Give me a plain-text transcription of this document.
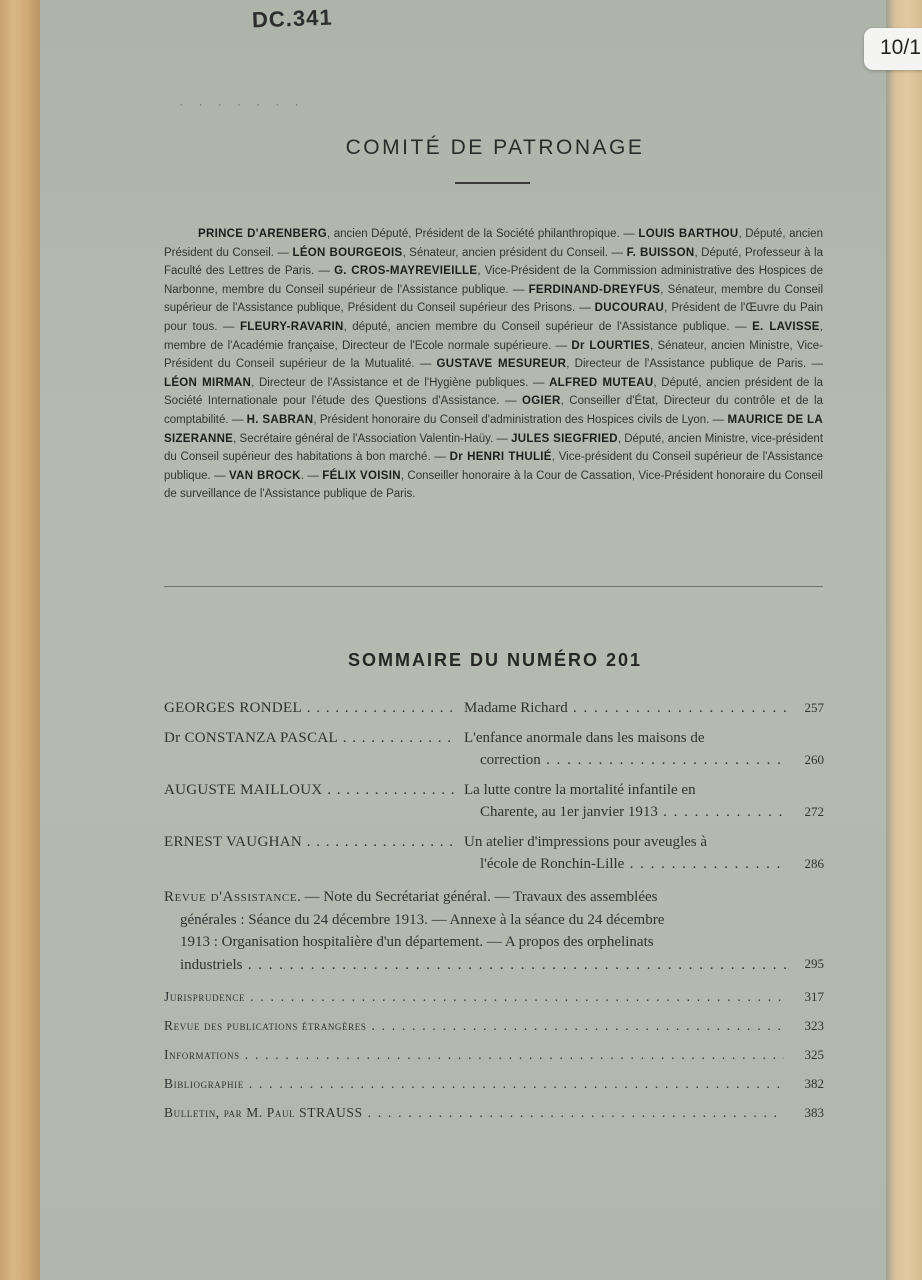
DC.341
· · · · · · ·
COMITÉ DE PATRONAGE

PRINCE D'ARENBERG, ancien Député, Président de la Société philanthropique. — LOUIS BARTHOU, Député, ancien Président du Conseil. — LÉON BOURGEOIS, Sénateur, ancien président du Conseil. — F. BUISSON, Député, Professeur à la Faculté des Lettres de Paris. — G. CROS-MAYREVIEILLE, Vice-Président de la Commission administrative des Hospices de Narbonne, membre du Conseil supérieur de l'Assistance publique. — FERDINAND-DREYFUS, Sénateur, membre du Conseil supérieur de l'Assistance publique, Président du Conseil supérieur des Prisons. — DUCOURAU, Président de l'Œuvre du Pain pour tous. — FLEURY-RAVARIN, député, ancien membre du Conseil supérieur de l'Assistance publique. — E. LAVISSE, membre de l'Académie française, Directeur de l'Ecole normale supérieure. — Dr LOURTIES, Sénateur, ancien Ministre, Vice-Président du Conseil supérieur de la Mutualité. — GUSTAVE MESUREUR, Directeur de l'Assistance publique de Paris. — LÉON MIRMAN, Directeur de l'Assistance et de l'Hygiène publiques. — ALFRED MUTEAU, Député, ancien président de la Société Internationale pour l'étude des Questions d'Assistance. — OGIER, Conseiller d'État, Directeur du contrôle et de la comptabilité. — H. SABRAN, Président honoraire du Conseil d'administration des Hospices civils de Lyon. — MAURICE DE LA SIZERANNE, Secrétaire général de l'Association Valentin-Haüy. — JULES SIEGFRIED, Député, ancien Ministre, vice-président du Conseil supérieur des habitations à bon marché. — Dr HENRI THULIÉ, Vice-président du Conseil supérieur de l'Assistance publique. — VAN BROCK. — FÉLIX VOISIN, Conseiller honoraire à la Cour de Cassation, Vice-Président honoraire du Conseil de surveillance de l'Assistance publique de Paris.

SOMMAIRE DU NUMÉRO 201
GEORGES RONDEL . . .	Madame Richard . . .	257
Dr CONSTANZA PASCAL . . .	L'enfance anormale dans les maisons de
correction . . .	260
AUGUSTE MAILLOUX . . .	La lutte contre la mortalité infantile en
Charente, au 1er janvier 1913 . . .	272
ERNEST VAUGHAN . . .	Un atelier d'impressions pour aveugles à
l'école de Ronchin-Lille . . .	286
Revue d'Assistance. — Note du Secrétariat général. — Travaux des assemblées
générales : Séance du 24 décembre 1913. — Annexe à la séance du 24 décembre
1913 : Organisation hospitalière d'un département. — A propos des orphelinats
industriels . . .	295
Jurisprudence . . .	317
Revue des publications étrangères . . .	323
Informations . . .	325
Bibliographie . . .	382
Bulletin, par M. Paul STRAUSS . . .	383
10/1
